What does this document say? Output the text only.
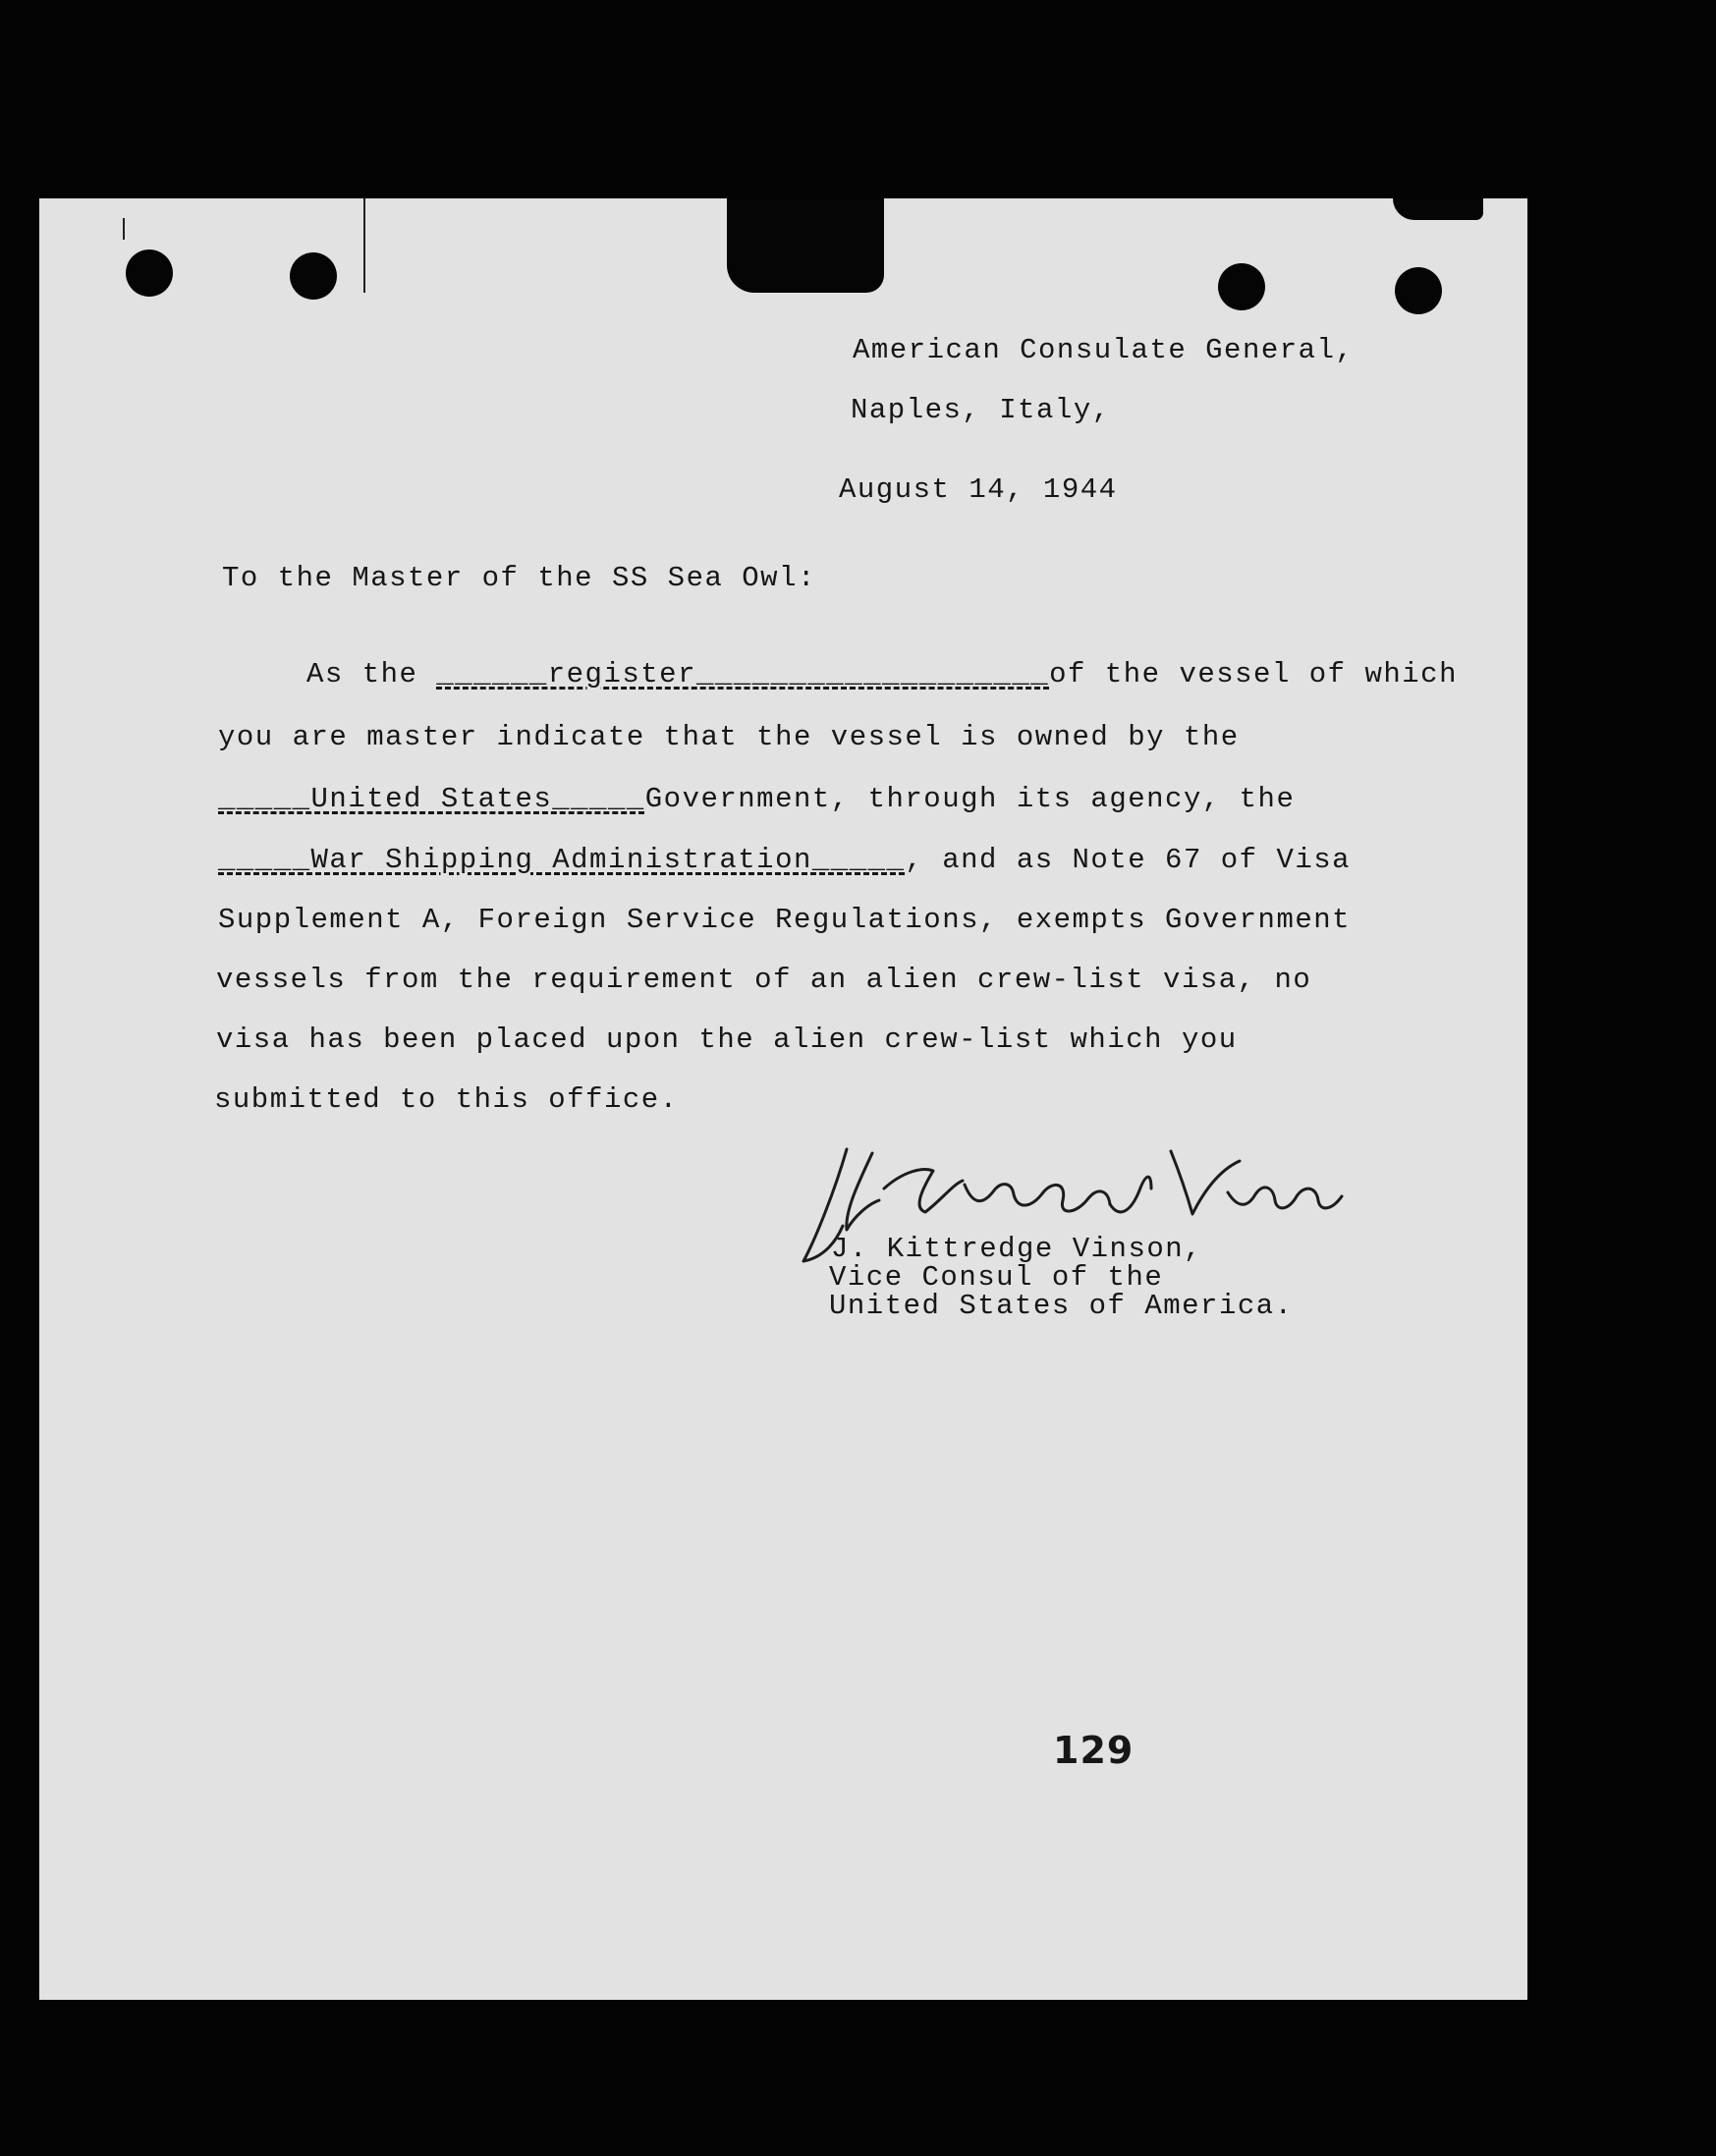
American Consulate General,
Naples, Italy,
August 14, 1944
To the Master of the SS Sea Owl:
As the ______register___________________of the vessel of which
you are master indicate that the vessel is owned by the
_____United States_____Government, through its agency, the
_____War Shipping Administration_____, and as Note 67 of Visa
Supplement A, Foreign Service Regulations, exempts Government
vessels from the requirement of an alien crew-list visa, no
visa has been placed upon the alien crew-list which you
submitted to this office.
J. Kittredge Vinson,
Vice Consul of the
United States of America.
129
